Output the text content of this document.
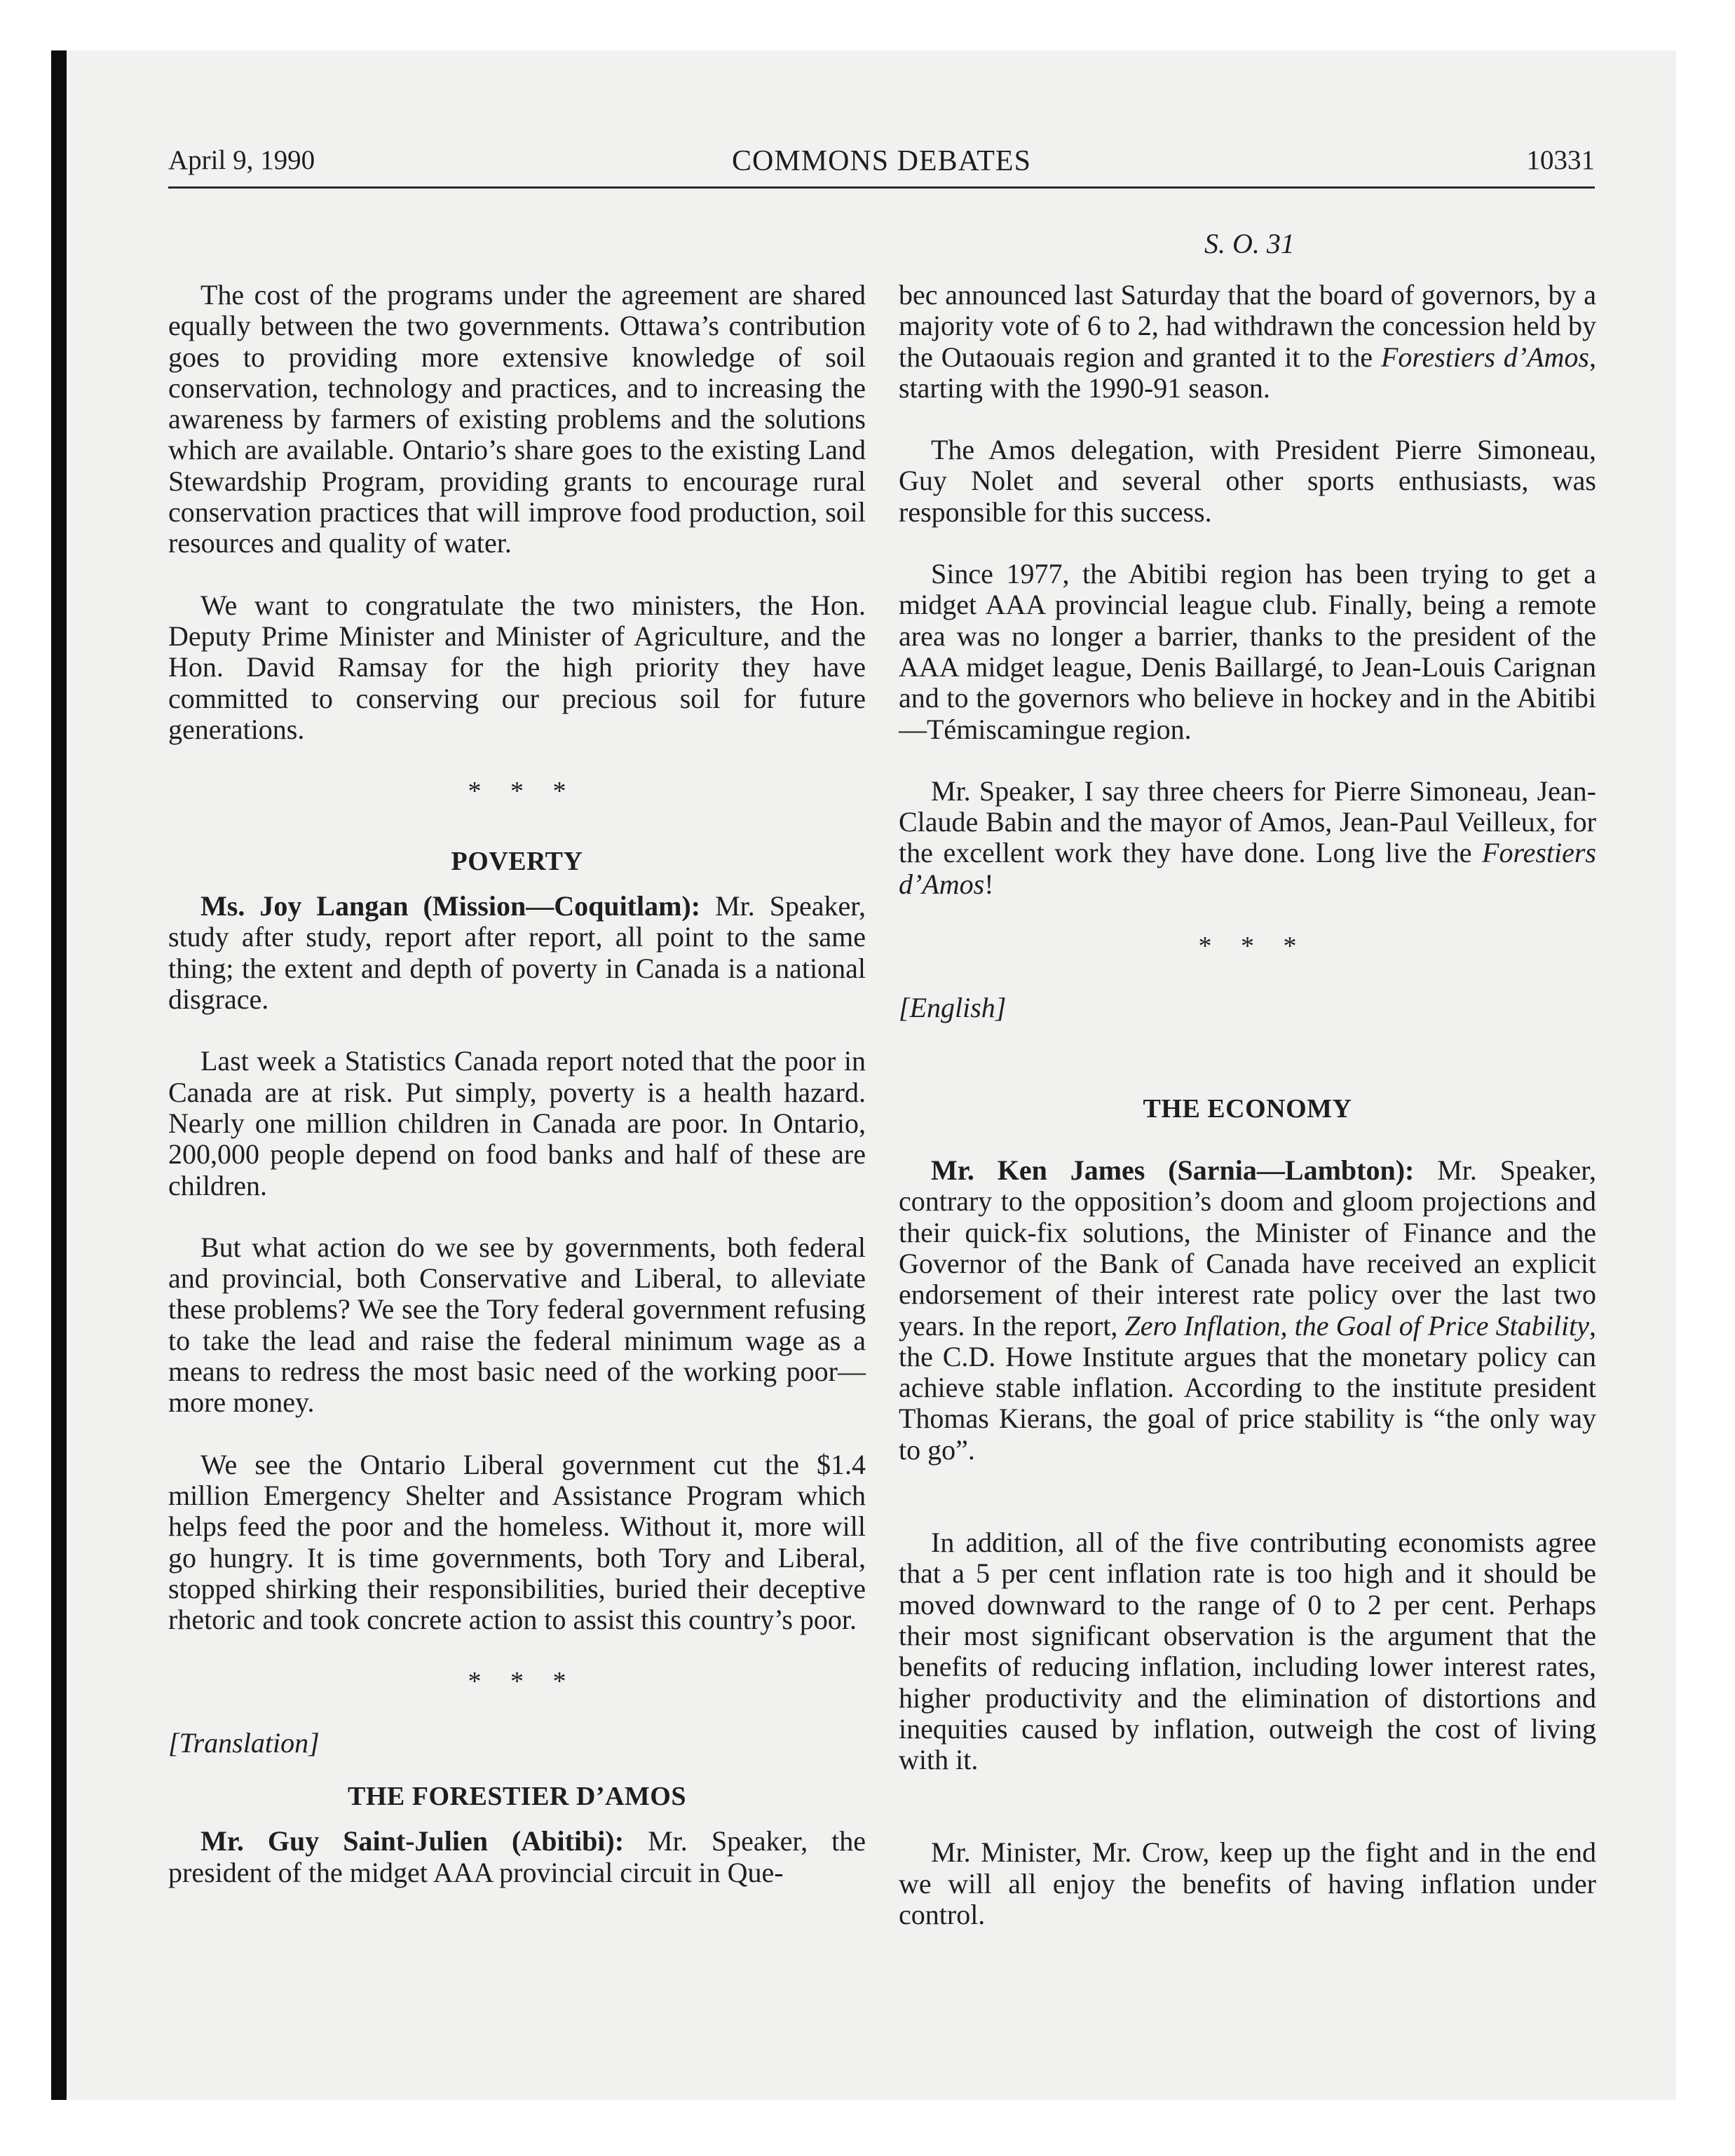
COMMONS DEBATES
April 9, 1990	10331
S. O. 31

The cost of the programs under the agreement are shared equally between the two governments. Ottawa’s contribution goes to providing more extensive knowledge of soil conservation, technology and practices, and to increasing the awareness by farmers of existing problems and the solutions which are available. Ontario’s share goes to the existing Land Stewardship Program, providing grants to encourage rural conservation practices that will improve food production, soil resources and quality of water.

We want to congratulate the two ministers, the Hon. Deputy Prime Minister and Minister of Agriculture, and the Hon. David Ramsay for the high priority they have committed to conserving our precious soil for future generations.

* * *
POVERTY

Ms. Joy Langan (Mission—Coquitlam): Mr. Speaker, study after study, report after report, all point to the same thing; the extent and depth of poverty in Canada is a national disgrace.

Last week a Statistics Canada report noted that the poor in Canada are at risk. Put simply, poverty is a health hazard. Nearly one million children in Canada are poor. In Ontario, 200,000 people depend on food banks and half of these are children.

But what action do we see by governments, both federal and provincial, both Conservative and Liberal, to alleviate these problems? We see the Tory federal government refusing to take the lead and raise the federal minimum wage as a means to redress the most basic need of the working poor—more money.

We see the Ontario Liberal government cut the $1.4 million Emergency Shelter and Assistance Program which helps feed the poor and the homeless. Without it, more will go hungry. It is time governments, both Tory and Liberal, stopped shirking their responsibilities, buried their deceptive rhetoric and took concrete action to assist this country’s poor.

* * *
[Translation]
THE FORESTIER D’AMOS

Mr. Guy Saint-Julien (Abitibi): Mr. Speaker, the president of the midget AAA provincial circuit in Que-

bec announced last Saturday that the board of governors, by a majority vote of 6 to 2, had withdrawn the concession held by the Outaouais region and granted it to the Forestiers d’Amos, starting with the 1990-91 season.

The Amos delegation, with President Pierre Simoneau, Guy Nolet and several other sports enthusiasts, was responsible for this success.

Since 1977, the Abitibi region has been trying to get a midget AAA provincial league club. Finally, being a remote area was no longer a barrier, thanks to the president of the AAA midget league, Denis Baillargé, to Jean-Louis Carignan and to the governors who believe in hockey and in the Abitibi—Témiscamingue region.

Mr. Speaker, I say three cheers for Pierre Simoneau, Jean-Claude Babin and the mayor of Amos, Jean-Paul Veilleux, for the excellent work they have done. Long live the Forestiers d’Amos!

* * *
[English]
THE ECONOMY

Mr. Ken James (Sarnia—Lambton): Mr. Speaker, contrary to the opposition’s doom and gloom projections and their quick-fix solutions, the Minister of Finance and the Governor of the Bank of Canada have received an explicit endorsement of their interest rate policy over the last two years. In the report, Zero Inflation, the Goal of Price Stability, the C.D. Howe Institute argues that the monetary policy can achieve stable inflation. According to the institute president Thomas Kierans, the goal of price stability is “the only way to go”.

In addition, all of the five contributing economists agree that a 5 per cent inflation rate is too high and it should be moved downward to the range of 0 to 2 per cent. Perhaps their most significant observation is the argument that the benefits of reducing inflation, including lower interest rates, higher productivity and the elimination of distortions and inequities caused by inflation, outweigh the cost of living with it.

Mr. Minister, Mr. Crow, keep up the fight and in the end we will all enjoy the benefits of having inflation under control.
